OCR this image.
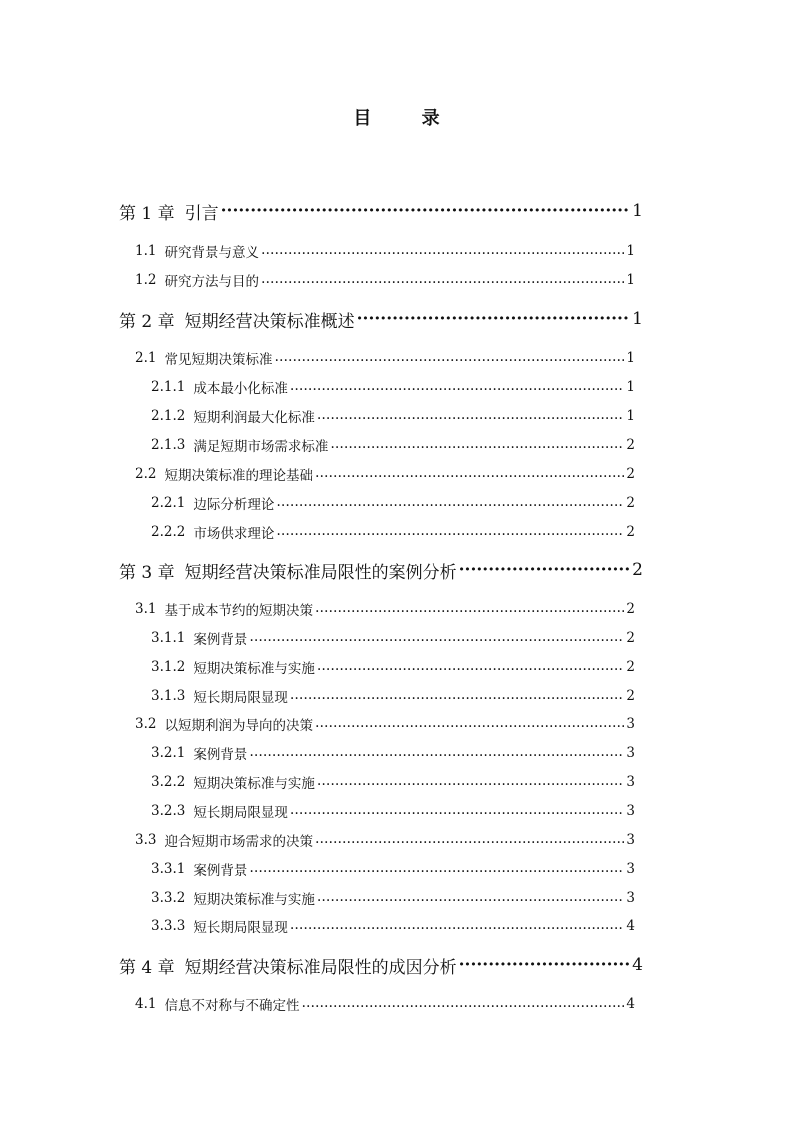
目 录
第 1 章 引言 ·····	1
1.1 研究背景与意义 …………………………………………………………………………………………………………………………	1
1.2 研究方法与目的 …………………………………………………………………………………………………………………………	1
第 2 章 短期经营决策标准概述 ·····	1
2.1 常见短期决策标准 …………………………………………………………………………………………………………………………	1
2.1.1 成本最小化标准 …………………………………………………………………………………………………………………………	1
2.1.2 短期利润最大化标准 …………………………………………………………………………………………………………………………	1
2.1.3 满足短期市场需求标准 …………………………………………………………………………………………………………………………	2
2.2 短期决策标准的理论基础 …………………………………………………………………………………………………………………………	2
2.2.1 边际分析理论 …………………………………………………………………………………………………………………………	2
2.2.2 市场供求理论 …………………………………………………………………………………………………………………………	2
第 3 章 短期经营决策标准局限性的案例分析 ·····	2
3.1 基于成本节约的短期决策 …………………………………………………………………………………………………………………………	2
3.1.1 案例背景 …………………………………………………………………………………………………………………………	2
3.1.2 短期决策标准与实施 …………………………………………………………………………………………………………………………	2
3.1.3 短长期局限显现 …………………………………………………………………………………………………………………………	2
3.2 以短期利润为导向的决策 …………………………………………………………………………………………………………………………	3
3.2.1 案例背景 …………………………………………………………………………………………………………………………	3
3.2.2 短期决策标准与实施 …………………………………………………………………………………………………………………………	3
3.2.3 短长期局限显现 …………………………………………………………………………………………………………………………	3
3.3 迎合短期市场需求的决策 …………………………………………………………………………………………………………………………	3
3.3.1 案例背景 …………………………………………………………………………………………………………………………	3
3.3.2 短期决策标准与实施 …………………………………………………………………………………………………………………………	3
3.3.3 短长期局限显现 …………………………………………………………………………………………………………………………	4
第 4 章 短期经营决策标准局限性的成因分析 ·····	4
4.1 信息不对称与不确定性 …………………………………………………………………………………………………………………………	4
